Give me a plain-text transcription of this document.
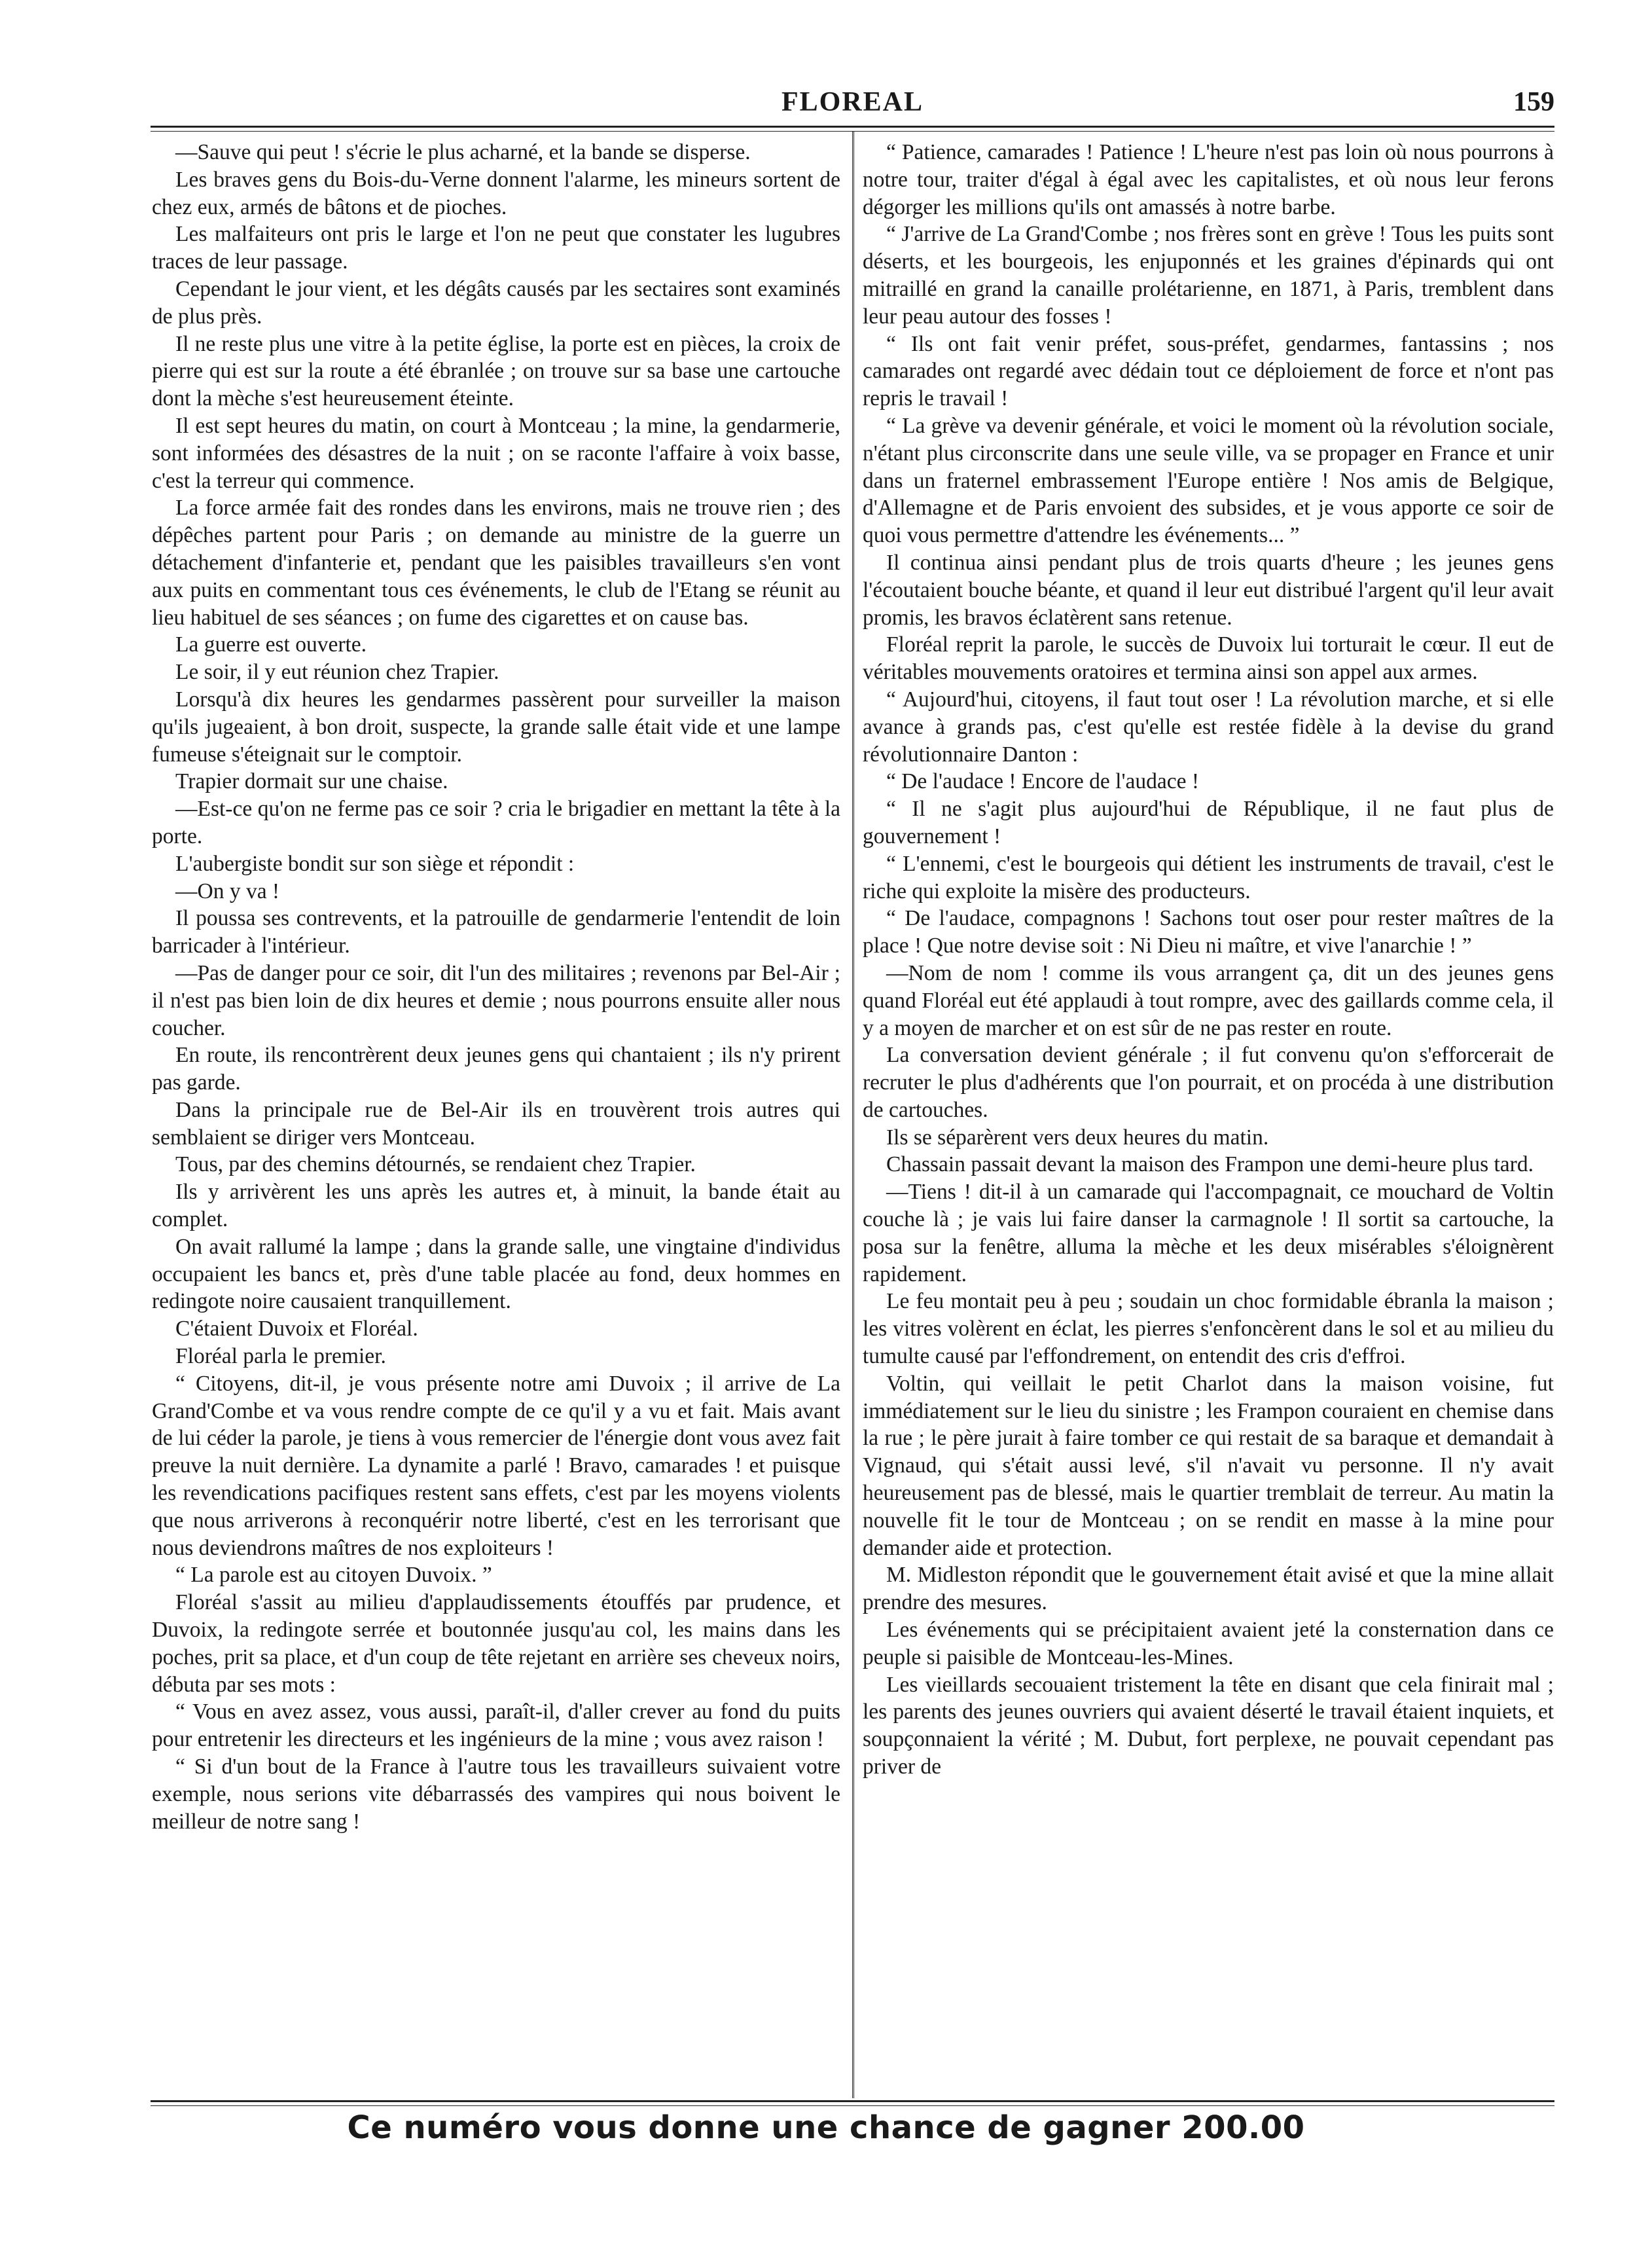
FLOREAL	159

—Sauve qui peut ! s'écrie le plus acharné, et la bande se disperse.

Les braves gens du Bois-du-Verne donnent l'alarme, les mineurs sortent de chez eux, armés de bâtons et de pioches.

Les malfaiteurs ont pris le large et l'on ne peut que constater les lugubres traces de leur passage.

Cependant le jour vient, et les dégâts causés par les sectaires sont examinés de plus près.

Il ne reste plus une vitre à la petite église, la porte est en pièces, la croix de pierre qui est sur la route a été ébranlée ; on trouve sur sa base une cartouche dont la mèche s'est heureusement éteinte.

Il est sept heures du matin, on court à Montceau ; la mine, la gendarmerie, sont informées des désastres de la nuit ; on se raconte l'affaire à voix basse, c'est la terreur qui commence.

La force armée fait des rondes dans les environs, mais ne trouve rien ; des dépêches partent pour Paris ; on demande au ministre de la guerre un détachement d'infanterie et, pendant que les paisibles travailleurs s'en vont aux puits en commentant tous ces événements, le club de l'Etang se réunit au lieu habituel de ses séances ; on fume des cigarettes et on cause bas.

La guerre est ouverte.

Le soir, il y eut réunion chez Trapier.

Lorsqu'à dix heures les gendarmes passèrent pour surveiller la maison qu'ils jugeaient, à bon droit, suspecte, la grande salle était vide et une lampe fumeuse s'éteignait sur le comptoir.

Trapier dormait sur une chaise.

—Est-ce qu'on ne ferme pas ce soir ? cria le brigadier en mettant la tête à la porte.

L'aubergiste bondit sur son siège et répondit :

—On y va !

Il poussa ses contrevents, et la patrouille de gendarmerie l'entendit de loin barricader à l'intérieur.

—Pas de danger pour ce soir, dit l'un des militaires ; revenons par Bel-Air ; il n'est pas bien loin de dix heures et demie ; nous pourrons ensuite aller nous coucher.

En route, ils rencontrèrent deux jeunes gens qui chantaient ; ils n'y prirent pas garde.

Dans la principale rue de Bel-Air ils en trouvèrent trois autres qui semblaient se diriger vers Montceau.

Tous, par des chemins détournés, se rendaient chez Trapier.

Ils y arrivèrent les uns après les autres et, à minuit, la bande était au complet.

On avait rallumé la lampe ; dans la grande salle, une vingtaine d'individus occupaient les bancs et, près d'une table placée au fond, deux hommes en redingote noire causaient tranquillement.

C'étaient Duvoix et Floréal.

Floréal parla le premier.

“ Citoyens, dit-il, je vous présente notre ami Duvoix ; il arrive de La Grand'Combe et va vous rendre compte de ce qu'il y a vu et fait. Mais avant de lui céder la parole, je tiens à vous remercier de l'énergie dont vous avez fait preuve la nuit dernière. La dynamite a parlé ! Bravo, camarades ! et puisque les revendications pacifiques restent sans effets, c'est par les moyens violents que nous arriverons à reconquérir notre liberté, c'est en les terrorisant que nous deviendrons maîtres de nos exploiteurs !

“ La parole est au citoyen Duvoix. ”

Floréal s'assit au milieu d'applaudissements étouffés par prudence, et Duvoix, la redingote serrée et boutonnée jusqu'au col, les mains dans les poches, prit sa place, et d'un coup de tête rejetant en arrière ses cheveux noirs, débuta par ses mots :

“ Vous en avez assez, vous aussi, paraît-il, d'aller crever au fond du puits pour entretenir les directeurs et les ingénieurs de la mine ; vous avez raison !

“ Si d'un bout de la France à l'autre tous les travailleurs suivaient votre exemple, nous serions vite débarrassés des vampires qui nous boivent le meilleur de notre sang !

“ Patience, camarades ! Patience ! L'heure n'est pas loin où nous pourrons à notre tour, traiter d'égal à égal avec les capitalistes, et où nous leur ferons dégorger les millions qu'ils ont amassés à notre barbe.

“ J'arrive de La Grand'Combe ; nos frères sont en grève ! Tous les puits sont déserts, et les bourgeois, les enjuponnés et les graines d'épinards qui ont mitraillé en grand la canaille prolétarienne, en 1871, à Paris, tremblent dans leur peau autour des fosses !

“ Ils ont fait venir préfet, sous-préfet, gendarmes, fantassins ; nos camarades ont regardé avec dédain tout ce déploiement de force et n'ont pas repris le travail !

“ La grève va devenir générale, et voici le moment où la révolution sociale, n'étant plus circonscrite dans une seule ville, va se propager en France et unir dans un fraternel embrassement l'Europe entière ! Nos amis de Belgique, d'Allemagne et de Paris envoient des subsides, et je vous apporte ce soir de quoi vous permettre d'attendre les événements... ”

Il continua ainsi pendant plus de trois quarts d'heure ; les jeunes gens l'écoutaient bouche béante, et quand il leur eut distribué l'argent qu'il leur avait promis, les bravos éclatèrent sans retenue.

Floréal reprit la parole, le succès de Duvoix lui torturait le cœur. Il eut de véritables mouvements oratoires et termina ainsi son appel aux armes.

“ Aujourd'hui, citoyens, il faut tout oser ! La révolution marche, et si elle avance à grands pas, c'est qu'elle est restée fidèle à la devise du grand révolutionnaire Danton :

“ De l'audace ! Encore de l'audace !

“ Il ne s'agit plus aujourd'hui de République, il ne faut plus de gouvernement !

“ L'ennemi, c'est le bourgeois qui détient les instruments de travail, c'est le riche qui exploite la misère des producteurs.

“ De l'audace, compagnons ! Sachons tout oser pour rester maîtres de la place ! Que notre devise soit : Ni Dieu ni maître, et vive l'anarchie ! ”

—Nom de nom ! comme ils vous arrangent ça, dit un des jeunes gens quand Floréal eut été applaudi à tout rompre, avec des gaillards comme cela, il y a moyen de marcher et on est sûr de ne pas rester en route.

La conversation devient générale ; il fut convenu qu'on s'efforcerait de recruter le plus d'adhérents que l'on pourrait, et on procéda à une distribution de cartouches.

Ils se séparèrent vers deux heures du matin.

Chassain passait devant la maison des Frampon une demi-heure plus tard.

—Tiens ! dit-il à un camarade qui l'accompagnait, ce mouchard de Voltin couche là ; je vais lui faire danser la carmagnole ! Il sortit sa cartouche, la posa sur la fenêtre, alluma la mèche et les deux misérables s'éloignèrent rapidement.

Le feu montait peu à peu ; soudain un choc formidable ébranla la maison ; les vitres volèrent en éclat, les pierres s'enfoncèrent dans le sol et au milieu du tumulte causé par l'effondrement, on entendit des cris d'effroi.

Voltin, qui veillait le petit Charlot dans la maison voisine, fut immédiatement sur le lieu du sinistre ; les Frampon couraient en chemise dans la rue ; le père jurait à faire tomber ce qui restait de sa baraque et demandait à Vignaud, qui s'était aussi levé, s'il n'avait vu personne. Il n'y avait heureusement pas de blessé, mais le quartier tremblait de terreur. Au matin la nouvelle fit le tour de Montceau ; on se rendit en masse à la mine pour demander aide et protection.

M. Midleston répondit que le gouvernement était avisé et que la mine allait prendre des mesures.

Les événements qui se précipitaient avaient jeté la consternation dans ce peuple si paisible de Montceau-les-Mines.

Les vieillards secouaient tristement la tête en disant que cela finirait mal ; les parents des jeunes ouvriers qui avaient déserté le travail étaient inquiets, et soupçonnaient la vérité ; M. Dubut, fort perplexe, ne pouvait cependant pas priver de

Ce numéro vous donne une chance de gagner 200.00
